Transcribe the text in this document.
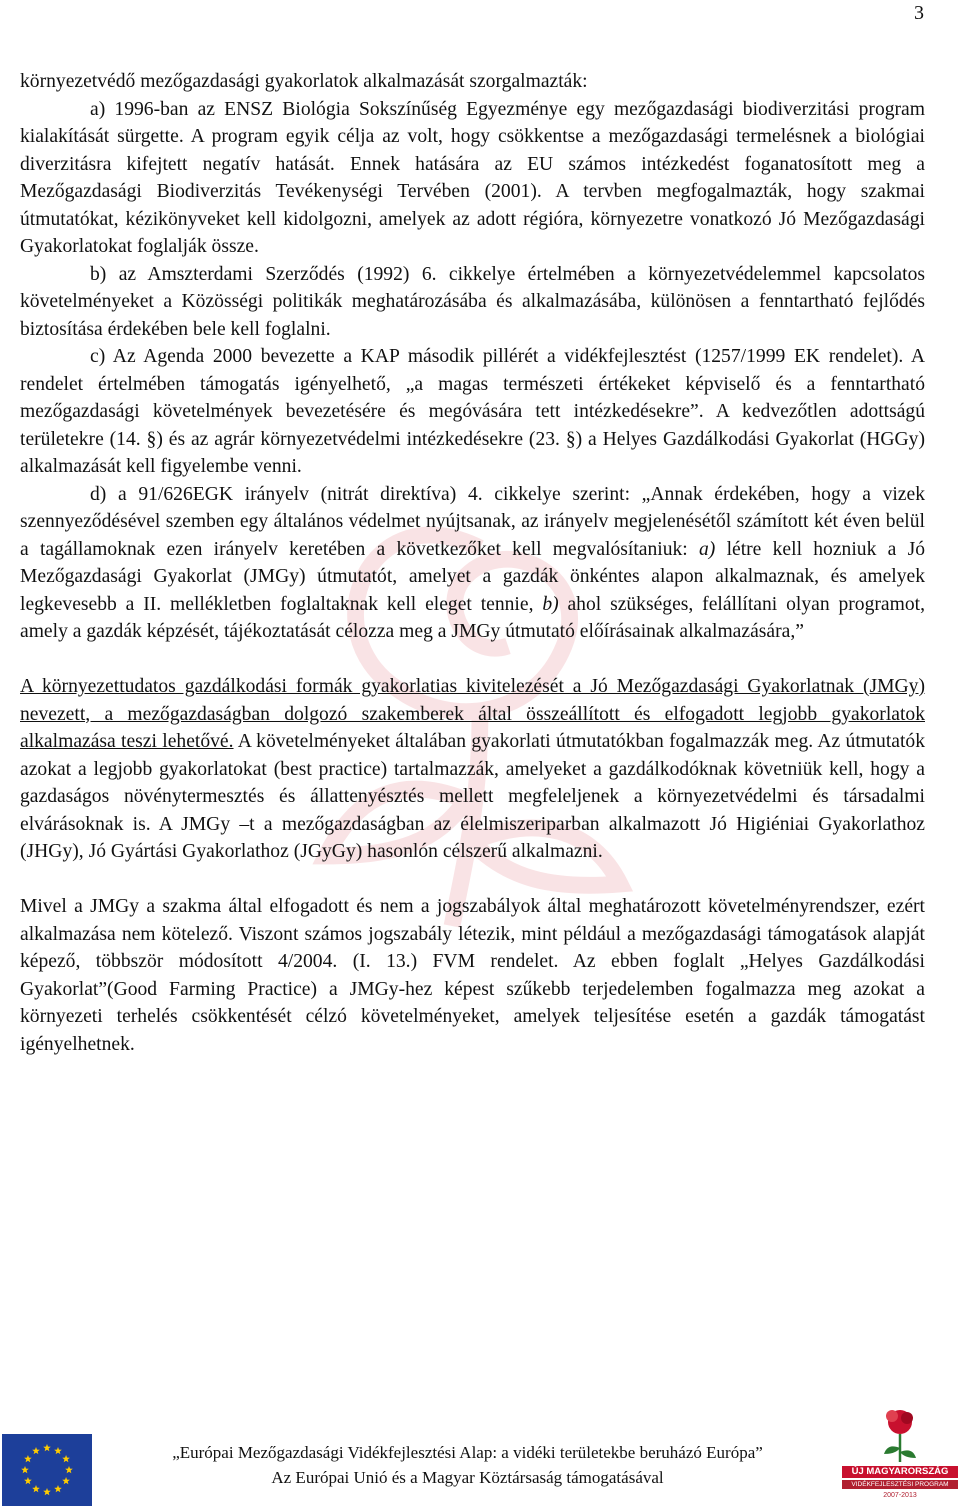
3

környezetvédő mezőgazdasági gyakorlatok alkalmazását szorgalmazták:

a) 1996-ban az ENSZ Biológia Sokszínűség Egyezménye egy mezőgazdasági biodiverzitási program kialakítását sürgette. A program egyik célja az volt, hogy csökkentse a mezőgazdasági termelésnek a biológiai diverzitásra kifejtett negatív hatását. Ennek hatására az EU számos intézkedést foganatosított meg a Mezőgazdasági Biodiverzitás Tevékenységi Tervében (2001). A tervben megfogalmazták, hogy szakmai útmutatókat, kézikönyveket kell kidolgozni, amelyek az adott régióra, környezetre vonatkozó Jó Mezőgazdasági Gyakorlatokat foglalják össze.

b) az Amszterdami Szerződés (1992) 6. cikkelye értelmében a környezetvédelemmel kapcsolatos követelményeket a Közösségi politikák meghatározásába és alkalmazásába, különösen a fenntartható fejlődés biztosítása érdekében bele kell foglalni.

c) Az Agenda 2000 bevezette a KAP második pillérét a vidékfejlesztést (1257/1999 EK rendelet). A rendelet értelmében támogatás igényelhető, „a magas természeti értékeket képviselő és a fenntartható mezőgazdasági követelmények bevezetésére és megóvására tett intézkedésekre”. A kedvezőtlen adottságú területekre (14. §) és az agrár környezetvédelmi intézkedésekre (23. §) a Helyes Gazdálkodási Gyakorlat (HGGy) alkalmazását kell figyelembe venni.

d) a 91/626EGK irányelv (nitrát direktíva) 4. cikkelye szerint: „Annak érdekében, hogy a vizek szennyeződésével szemben egy általános védelmet nyújtsanak, az irányelv megjelenésétől számított két éven belül a tagállamoknak ezen irányelv keretében a következőket kell megvalósítaniuk: a) létre kell hozniuk a Jó Mezőgazdasági Gyakorlat (JMGy) útmutatót, amelyet a gazdák önkéntes alapon alkalmaznak, és amelyek legkevesebb a II. mellékletben foglaltaknak kell eleget tennie, b) ahol szükséges, felállítani olyan programot, amely a gazdák képzését, tájékoztatását célozza meg a JMGy útmutató előírásainak alkalmazására,”

A környezettudatos gazdálkodási formák gyakorlatias kivitelezését a Jó Mezőgazdasági Gyakorlatnak (JMGy) nevezett, a mezőgazdaságban dolgozó szakemberek által összeállított és elfogadott legjobb gyakorlatok alkalmazása teszi lehetővé. A követelményeket általában gyakorlati útmutatókban fogalmazzák meg. Az útmutatók azokat a legjobb gyakorlatokat (best practice) tartalmazzák, amelyeket a gazdálkodóknak követniük kell, hogy a gazdaságos növénytermesztés és állattenyésztés mellett megfeleljenek a környezetvédelmi és társadalmi elvárásoknak is. A JMGy –t a mezőgazdaságban az élelmiszeriparban alkalmazott Jó Higiéniai Gyakorlathoz (JHGy), Jó Gyártási Gyakorlathoz (JGyGy) hasonlón célszerű alkalmazni.

Mivel a JMGy a szakma által elfogadott és nem a jogszabályok által meghatározott követelményrendszer, ezért alkalmazása nem kötelező. Viszont számos jogszabály létezik, mint például a mezőgazdasági támogatások alapját képező, többször módosított 4/2004. (I. 13.) FVM rendelet. Az ebben foglalt „Helyes Gazdálkodási Gyakorlat”(Good Farming Practice) a JMGy-hez képest szűkebb terjedelemben fogalmazza meg azokat a környezeti terhelés csökkentését célzó követelményeket, amelyek teljesítése esetén a gazdák támogatást igényelhetnek.

„Európai Mezőgazdasági Vidékfejlesztési Alap: a vidéki területekbe beruházó Európa”
Az Európai Unió és a Magyar Köztársaság támogatásával	ÚJ MAGYARORSZÁG
VIDÉKFEJLESZTÉSI PROGRAM
2007-2013
